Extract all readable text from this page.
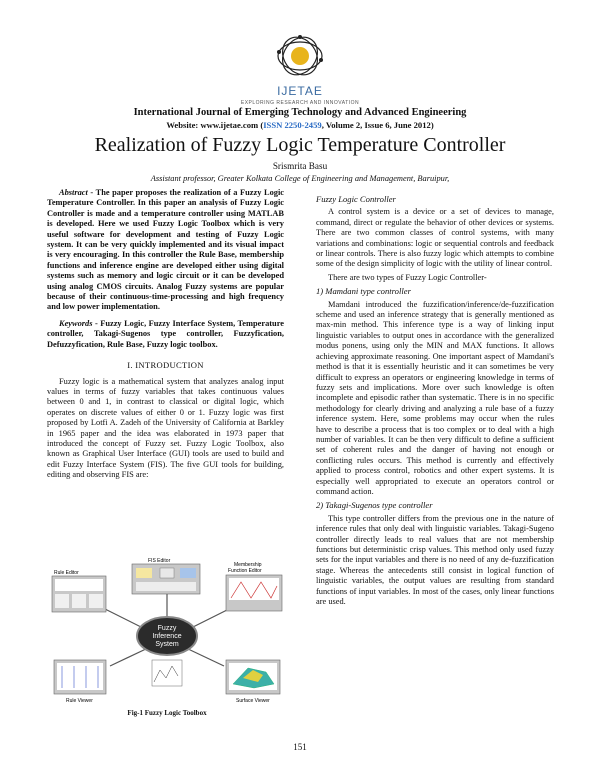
IJETAE
EXPLORING RESEARCH AND INNOVATION
International Journal of Emerging Technology and Advanced Engineering
Website: www.ijetae.com (ISSN 2250-2459, Volume 2, Issue 6, June 2012)
Realization of Fuzzy Logic Temperature Controller
Srismrita Basu
Assistant professor, Greater Kolkata College of Engineering and Management, Baruipur,

Abstract - The paper proposes the realization of a Fuzzy Logic Temperature Controller. In this paper an analysis of Fuzzy Logic Controller is made and a temperature controller using MATLAB is developed. Here we used Fuzzy Logic Toolbox which is very useful software for development and testing of Fuzzy Logic system. It can be very quickly implemented and its visual impact is very encouraging. In this controller the Rule Base, membership functions and inference engine are developed either using digital systems such as memory and logic circuit or it can be developed using analog CMOS circuits. Analog Fuzzy systems are popular because of their continuous-time-processing and high frequency and low power implementation.

Keywords - Fuzzy Logic, Fuzzy Interface System, Temperature controller, Takagi-Sugenos type controller, Fuzzyfication, Defuzzyfication, Rule Base, Fuzzy logic toolbox.

I. INTRODUCTION

Fuzzy logic is a mathematical system that analyzes analog input values in terms of fuzzy variables that takes continuous values between 0 and 1, in contrast to classical or digital logic, which operates on discrete values of either 0 or 1. Fuzzy logic was first proposed by Lotfi A. Zadeh of the University of California at Barkley in 1965 paper and the idea was elaborated in 1973 paper that introduced the concept of Fuzzy set. Fuzzy Logic Toolbox, also known as Graphical User Interface (GUI) tools are used to build and edit Fuzzy Interface System (FIS). The five GUI tools for building, editing and observing FIS are:

Fuzzy
Inference
System
FIS Editor
Rule Editor
Membership
Function Editor
Rule Viewer	Surface Viewer
Fig-1 Fuzzy Logic Toolbox
Fuzzy Logic Controller

A control system is a device or a set of devices to manage, command, direct or regulate the behavior of other devices or systems. There are two common classes of control systems, with many variations and combinations: logic or sequential controls and feedback or linear controls. There is also fuzzy logic which attempts to combine some of the design simplicity of logic with the utility of linear control.

There are two types of Fuzzy Logic Controller-

1) Mamdani type controller

Mamdani introduced the fuzzification/inference/de-fuzzification scheme and used an inference strategy that is generally mentioned as max-min method. This inference type is a way of linking input linguistic variables to output ones in accordance with the generalized modus ponens, using only the MIN and MAX functions. It allows achieving approximate reasoning. One important aspect of Mamdani's method is that it is essentially heuristic and it can sometimes be very difficult to express an operators or engineering knowledge in terms of fuzzy sets and implications. More over such knowledge is often incomplete and episodic rather than systematic. There is in no specific methodology for clearly driving and analyzing a rule base of a fuzzy inference system. Here, some problems may occur when the rules have to describe a process that is too complex or to deal with a high number of variables. It can be then very difficult to define a sufficient set of coherent rules and the danger of having not enough or conflicting rules occurs. This method is currently and effectively applied to process control, robotics and other expert systems. It is especially well appropriated to execute an operators control or command action.

2) Takagi-Sugenos type controller

This type controller differs from the previous one in the nature of inference rules that only deal with linguistic variables. Takagi-Sugeno controller directly leads to real values that are not membership functions but deterministic crisp values. This method only used fuzzy sets for the input variables and there is no need of any de-fuzzification stage. Whereas the antecedents still consist in logical function of linguistic variables, the output values are resulting from standard functions of input variables. In most of the cases, only linear functions are used.

151
